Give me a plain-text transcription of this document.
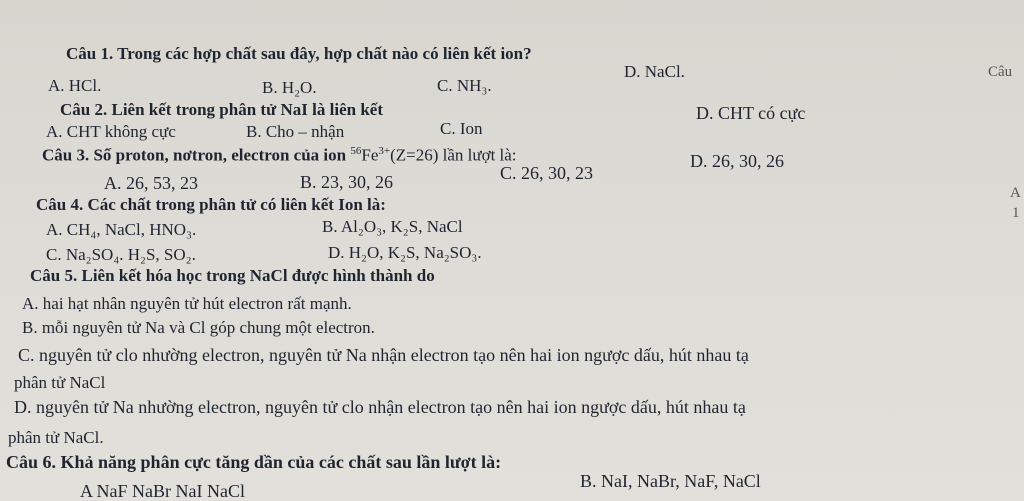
Câu 1. Trong các hợp chất sau đây, hợp chất nào có liên kết ion?
A. HCl.	B. H₂O.	C. NH₃.
D. NaCl.
Câu 2. Liên kết trong phân tử NaI là liên kết
A. CHT không cực	B. Cho – nhận	C. Ion
D. CHT có cực
Câu 3. Số proton, nơtron, electron của ion $^{56}Fe^{3+}(Z=26)$ lần lượt là:
A. 26, 53, 23	B. 23, 30, 26	C. 26, 30, 23
D. 26, 30, 26
Câu 4. Các chất trong phân tử có liên kết Ion là:
A. CH₄, NaCl, HNO₃.	B. Al₂O₃, K₂S, NaCl
C. Na₂SO₄. H₂S, SO₂.	D. H₂O, K₂S, Na₂SO₃.
Câu 5. Liên kết hóa học trong NaCl được hình thành do
A. hai hạt nhân nguyên tử hút electron rất mạnh.
B. mỗi nguyên tử Na và Cl góp chung một electron.
C. nguyên tử clo nhường electron, nguyên tử Na nhận electron tạo nên hai ion ngược dấu, hút nhau tạ
phân tử NaCl
D. nguyên tử Na nhường electron, nguyên tử clo nhận electron tạo nên hai ion ngược dấu, hút nhau tạ
phân tử NaCl.
Câu 6. Khả năng phân cực tăng dần của các chất sau lần lượt là:
A NaF NaBr NaI NaCl	B. NaI, NaBr, NaF, NaCl
Câu
A
1
